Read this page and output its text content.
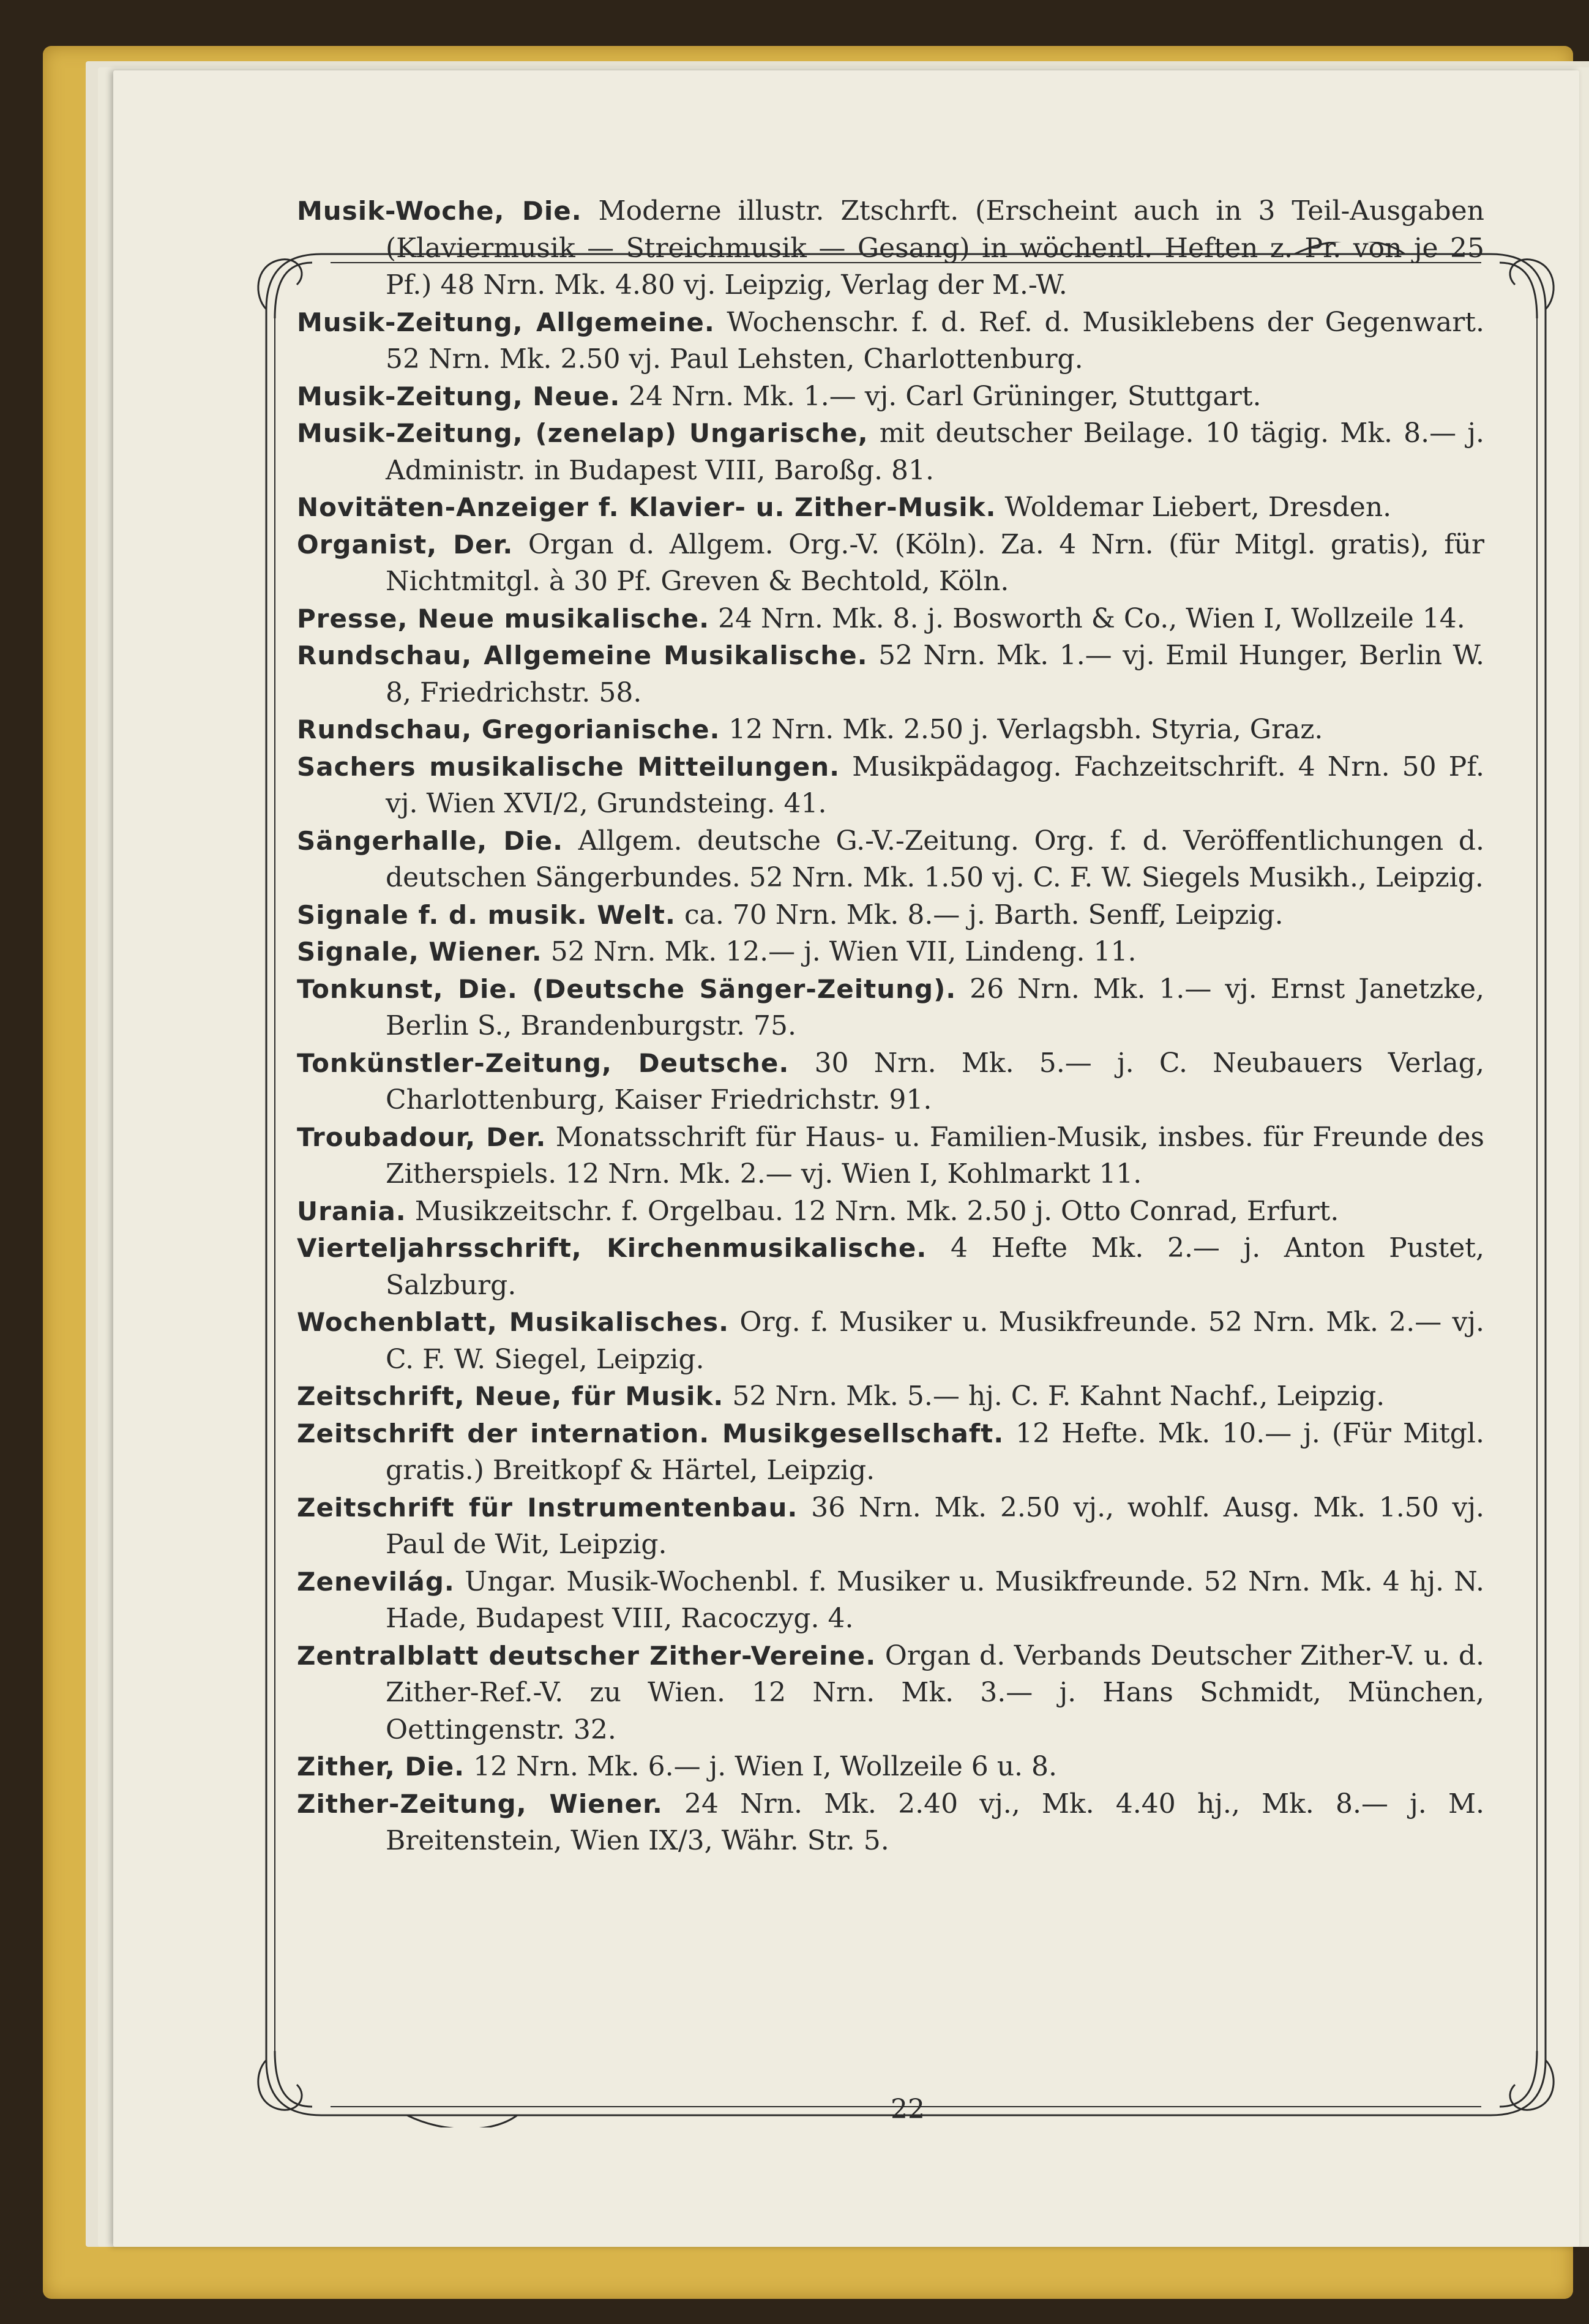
Musik-Woche, Die. Moderne illustr. Ztschrft. (Erscheint auch in 3 Teil-Ausgaben (Klaviermusik — Streichmusik — Gesang) in wöchentl. Heften z. Pr. von je 25 Pf.) 48 Nrn. Mk. 4.80 vj. Leipzig, Verlag der M.-W.

Musik-Zeitung, Allgemeine. Wochenschr. f. d. Ref. d. Musiklebens der Gegenwart. 52 Nrn. Mk. 2.50 vj. Paul Lehsten, Charlottenburg.

Musik-Zeitung, Neue. 24 Nrn. Mk. 1.— vj. Carl Grüninger, Stuttgart.

Musik-Zeitung, (zenelap) Ungarische, mit deutscher Beilage. 10 tägig. Mk. 8.— j. Administr. in Budapest VIII, Baroßg. 81.

Novitäten-Anzeiger f. Klavier- u. Zither-Musik. Woldemar Liebert, Dresden.

Organist, Der. Organ d. Allgem. Org.-V. (Köln). Za. 4 Nrn. (für Mitgl. gratis), für Nichtmitgl. à 30 Pf. Greven & Bechtold, Köln.

Presse, Neue musikalische. 24 Nrn. Mk. 8. j. Bosworth & Co., Wien I, Wollzeile 14.

Rundschau, Allgemeine Musikalische. 52 Nrn. Mk. 1.— vj. Emil Hunger, Berlin W. 8, Friedrichstr. 58.

Rundschau, Gregorianische. 12 Nrn. Mk. 2.50 j. Verlagsbh. Styria, Graz.

Sachers musikalische Mitteilungen. Musikpädagog. Fachzeitschrift. 4 Nrn. 50 Pf. vj. Wien XVI/2, Grundsteing. 41.

Sängerhalle, Die. Allgem. deutsche G.-V.-Zeitung. Org. f. d. Veröffentlichungen d. deutschen Sängerbundes. 52 Nrn. Mk. 1.50 vj. C. F. W. Siegels Musikh., Leipzig.

Signale f. d. musik. Welt. ca. 70 Nrn. Mk. 8.— j. Barth. Senff, Leipzig.

Signale, Wiener. 52 Nrn. Mk. 12.— j. Wien VII, Lindeng. 11.

Tonkunst, Die. (Deutsche Sänger-Zeitung). 26 Nrn. Mk. 1.— vj. Ernst Janetzke, Berlin S., Brandenburgstr. 75.

Tonkünstler-Zeitung, Deutsche. 30 Nrn. Mk. 5.— j. C. Neubauers Verlag, Charlottenburg, Kaiser Friedrichstr. 91.

Troubadour, Der. Monatsschrift für Haus- u. Familien-Musik, insbes. für Freunde des Zitherspiels. 12 Nrn. Mk. 2.— vj. Wien I, Kohlmarkt 11.

Urania. Musikzeitschr. f. Orgelbau. 12 Nrn. Mk. 2.50 j. Otto Conrad, Erfurt.

Vierteljahrsschrift, Kirchenmusikalische. 4 Hefte Mk. 2.— j. Anton Pustet, Salzburg.

Wochenblatt, Musikalisches. Org. f. Musiker u. Musikfreunde. 52 Nrn. Mk. 2.— vj. C. F. W. Siegel, Leipzig.

Zeitschrift, Neue, für Musik. 52 Nrn. Mk. 5.— hj. C. F. Kahnt Nachf., Leipzig.

Zeitschrift der internation. Musikgesellschaft. 12 Hefte. Mk. 10.— j. (Für Mitgl. gratis.) Breitkopf & Härtel, Leipzig.

Zeitschrift für Instrumentenbau. 36 Nrn. Mk. 2.50 vj., wohlf. Ausg. Mk. 1.50 vj. Paul de Wit, Leipzig.

Zenevilág. Ungar. Musik-Wochenbl. f. Musiker u. Musikfreunde. 52 Nrn. Mk. 4 hj. N. Hade, Budapest VIII, Racoczyg. 4.

Zentralblatt deutscher Zither-Vereine. Organ d. Verbands Deutscher Zither-V. u. d. Zither-Ref.-V. zu Wien. 12 Nrn. Mk. 3.— j. Hans Schmidt, München, Oettingenstr. 32.

Zither, Die. 12 Nrn. Mk. 6.— j. Wien I, Wollzeile 6 u. 8.

Zither-Zeitung, Wiener. 24 Nrn. Mk. 2.40 vj., Mk. 4.40 hj., Mk. 8.— j. M. Breitenstein, Wien IX/3, Währ. Str. 5.

22
